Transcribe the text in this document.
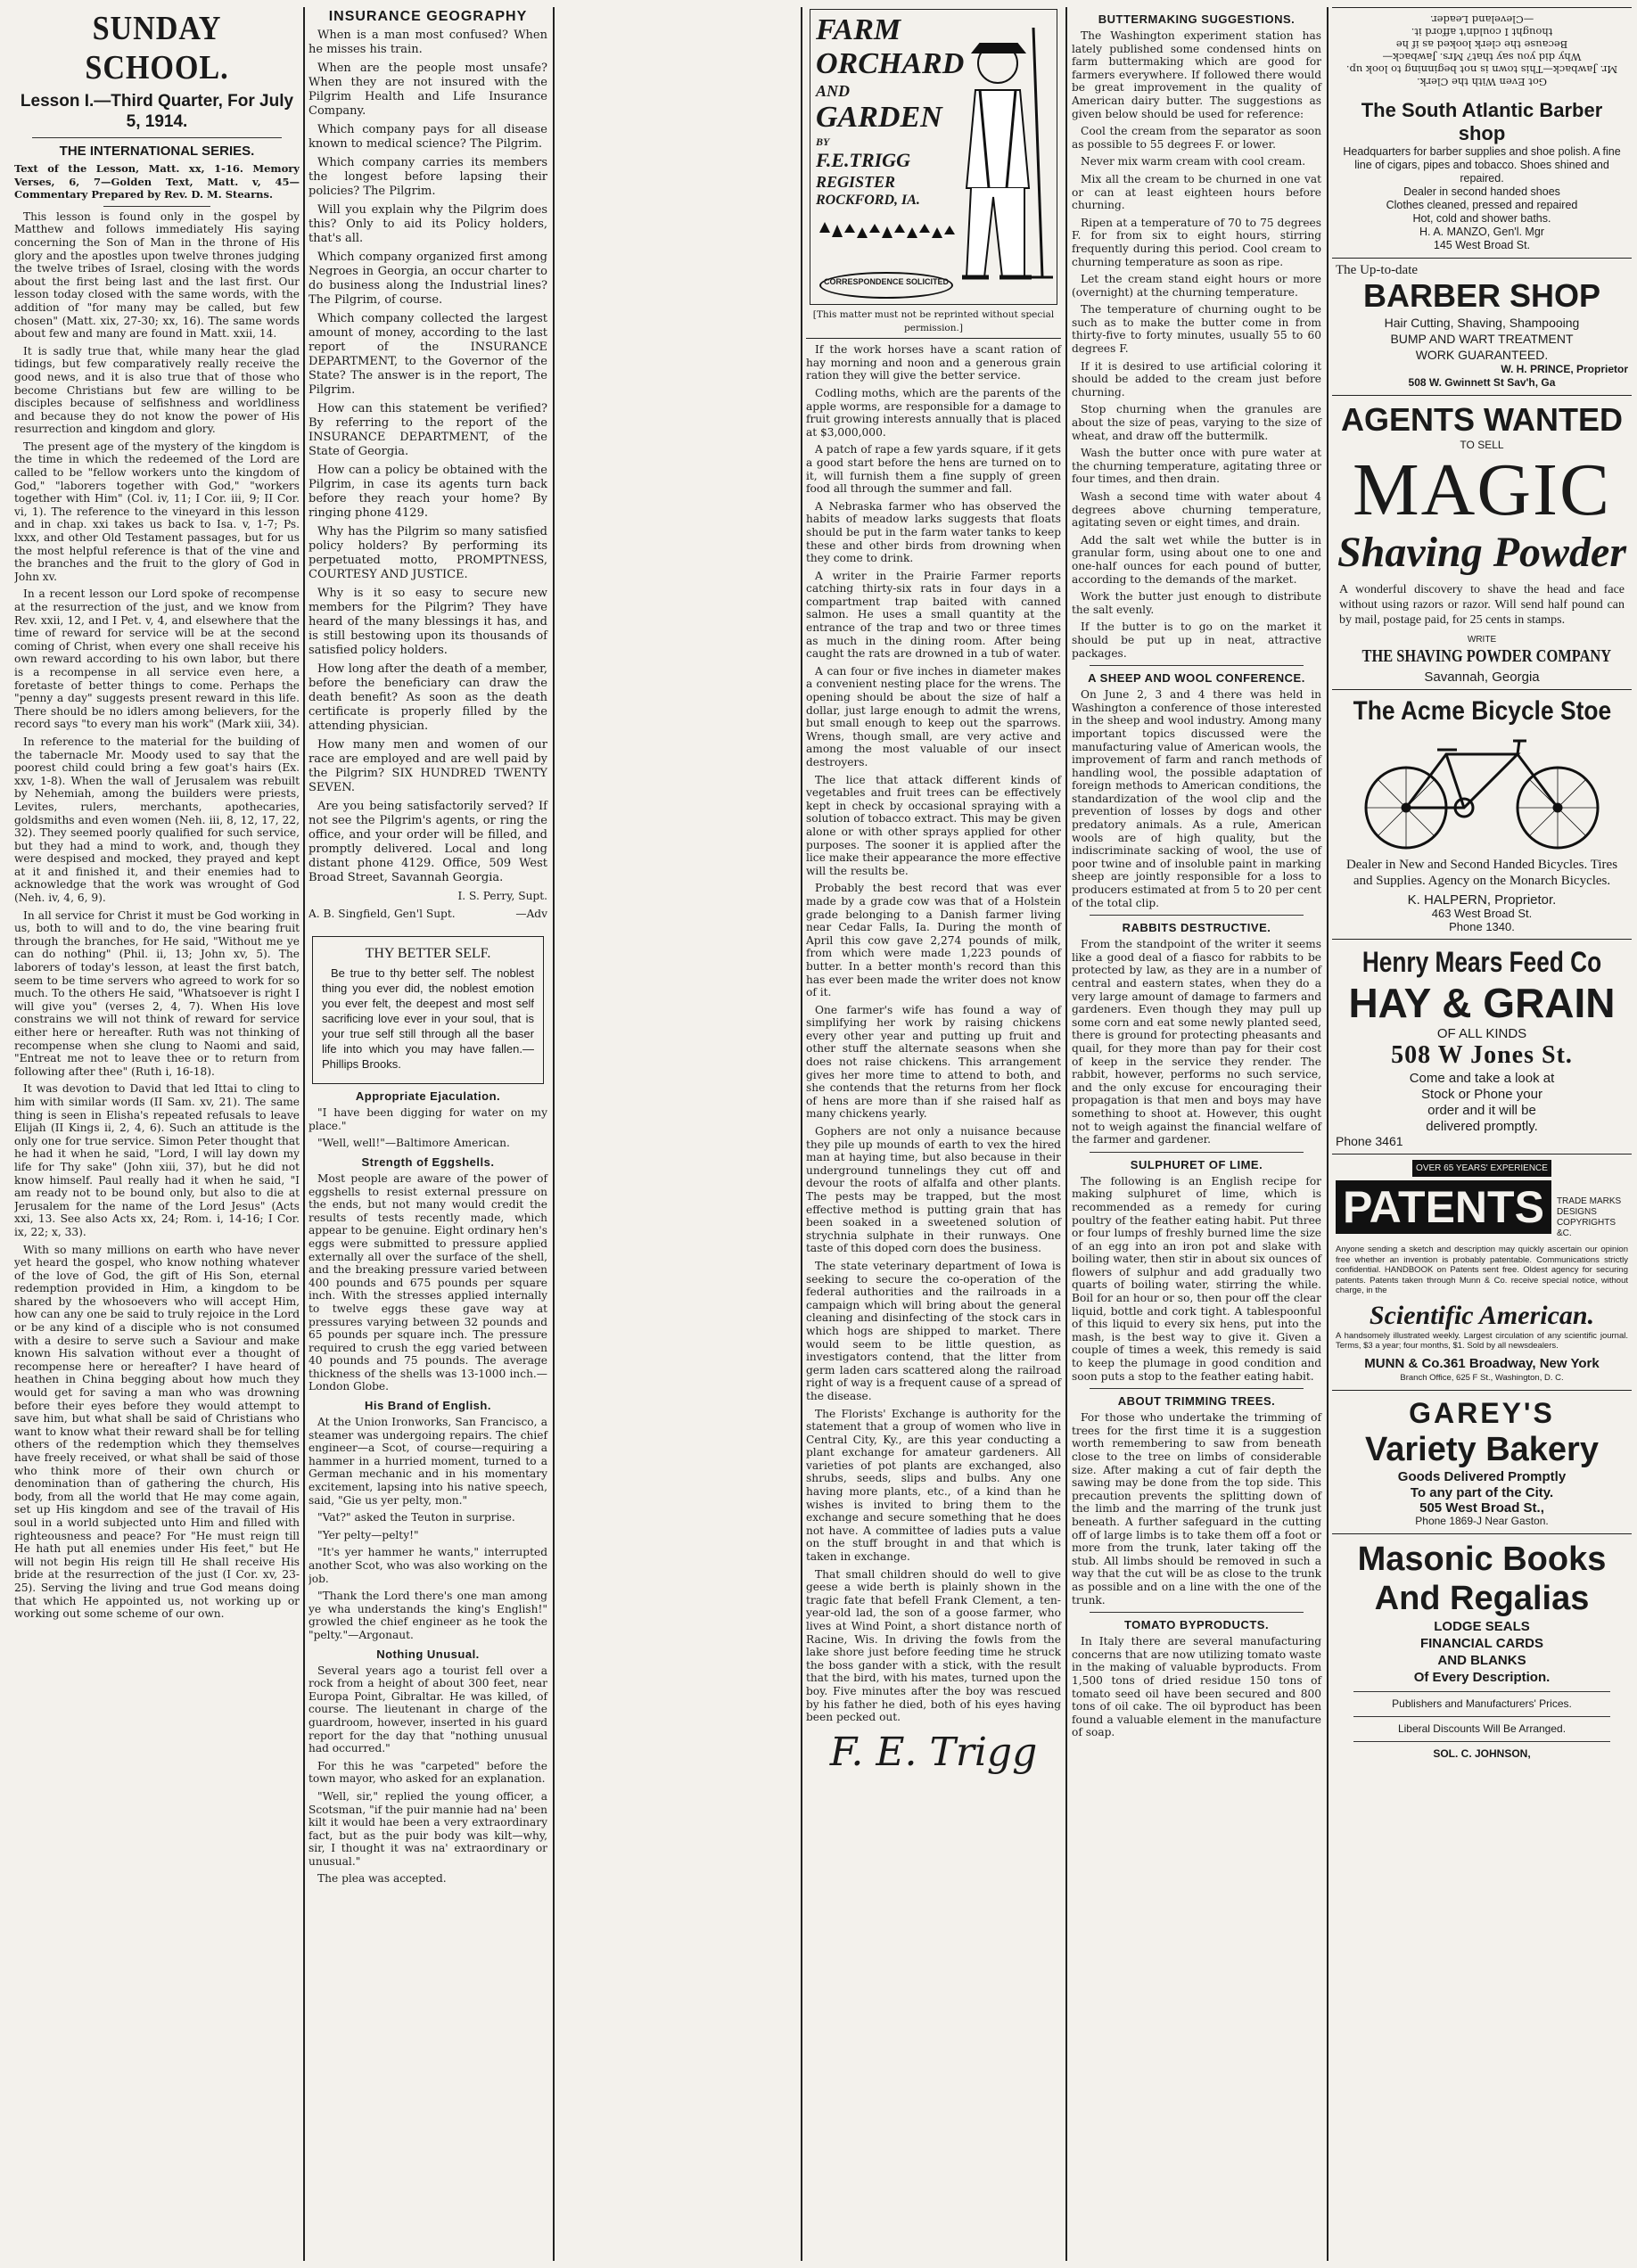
SUNDAY SCHOOL.
Lesson I.—Third Quarter, For July 5, 1914.
THE INTERNATIONAL SERIES.

Text of the Lesson, Matt. xx, 1-16. Memory Verses, 6, 7—Golden Text, Matt. v, 45—Commentary Prepared by Rev. D. M. Stearns.

This lesson is found only in the gospel by Matthew and follows immediately His saying concerning the Son of Man in the throne of His glory and the apostles upon twelve thrones judging the twelve tribes of Israel, closing with the words about the first being last and the last first. Our lesson today closed with the same words, with the addition of "for many may be called, but few chosen" (Matt. xix, 27-30; xx, 16). The same words about few and many are found in Matt. xxii, 14.

It is sadly true that, while many hear the glad tidings, but few comparatively really receive the good news, and it is also true that of those who become Christians but few are willing to be disciples because of selfishness and worldliness and because they do not know the power of His resurrection and kingdom and glory.

The present age of the mystery of the kingdom is the time in which the redeemed of the Lord are called to be "fellow workers unto the kingdom of God," "laborers together with God," "workers together with Him" (Col. iv, 11; I Cor. iii, 9; II Cor. vi, 1). The reference to the vineyard in this lesson and in chap. xxi takes us back to Isa. v, 1-7; Ps. lxxx, and other Old Testament passages, but for us the most helpful reference is that of the vine and the branches and the fruit to the glory of God in John xv.

In a recent lesson our Lord spoke of recompense at the resurrection of the just, and we know from Rev. xxii, 12, and I Pet. v, 4, and elsewhere that the time of reward for service will be at the second coming of Christ, when every one shall receive his own reward according to his own labor, but there is a recompense in all service even here, a foretaste of better things to come. Perhaps the "penny a day" suggests present reward in this life. There should be no idlers among believers, for the record says "to every man his work" (Mark xiii, 34).

In reference to the material for the building of the tabernacle Mr. Moody used to say that the poorest child could bring a few goat's hairs (Ex. xxv, 1-8). When the wall of Jerusalem was rebuilt by Nehemiah, among the builders were priests, Levites, rulers, merchants, apothecaries, goldsmiths and even women (Neh. iii, 8, 12, 17, 22, 32). They seemed poorly qualified for such service, but they had a mind to work, and, though they were despised and mocked, they prayed and kept at it and finished it, and their enemies had to acknowledge that the work was wrought of God (Neh. iv, 4, 6, 9).

In all service for Christ it must be God working in us, both to will and to do, the vine bearing fruit through the branches, for He said, "Without me ye can do nothing" (Phil. ii, 13; John xv, 5). The laborers of today's lesson, at least the first batch, seem to be time servers who agreed to work for so much. To the others He said, "Whatsoever is right I will give you" (verses 2, 4, 7). When His love constrains we will not think of reward for service either here or hereafter. Ruth was not thinking of recompense when she clung to Naomi and said, "Entreat me not to leave thee or to return from following after thee" (Ruth i, 16-18).

It was devotion to David that led Ittai to cling to him with similar words (II Sam. xv, 21). The same thing is seen in Elisha's repeated refusals to leave Elijah (II Kings ii, 2, 4, 6). Such an attitude is the only one for true service. Simon Peter thought that he had it when he said, "Lord, I will lay down my life for Thy sake" (John xiii, 37), but he did not know himself. Paul really had it when he said, "I am ready not to be bound only, but also to die at Jerusalem for the name of the Lord Jesus" (Acts xxi, 13. See also Acts xx, 24; Rom. i, 14-16; I Cor. ix, 22; x, 33).

With so many millions on earth who have never yet heard the gospel, who know nothing whatever of the love of God, the gift of His Son, eternal redemption provided in Him, a kingdom to be shared by the whosoevers who will accept Him, how can any one be said to truly rejoice in the Lord or be any kind of a disciple who is not consumed with a desire to serve such a Saviour and make known His salvation without ever a thought of recompense here or hereafter? I have heard of heathen in China begging about how much they would get for saving a man who was drowning before their eyes before they would attempt to save him, but what shall be said of Christians who want to know what their reward shall be for telling others of the redemption which they themselves have freely received, or what shall be said of those who think more of their own church or denomination than of gathering the church, His body, from all the world that He may come again, set up His kingdom and see of the travail of His soul in a world subjected unto Him and filled with righteousness and peace? For "He must reign till He hath put all enemies under His feet," but He will not begin His reign till He shall receive His bride at the resurrection of the just (I Cor. xv, 23-25). Serving the living and true God means doing that which He appointed us, not working up or working out some scheme of our own.

INSURANCE GEOGRAPHY

When is a man most confused? When he misses his train.

When are the people most unsafe? When they are not insured with the Pilgrim Health and Life Insurance Company.

Which company pays for all disease known to medical science? The Pilgrim.

Which company carries its members the longest before lapsing their policies? The Pilgrim.

Will you explain why the Pilgrim does this? Only to aid its Policy holders, that's all.

Which company organized first among Negroes in Georgia, an occur charter to do business along the Industrial lines? The Pilgrim, of course.

Which company collected the largest amount of money, according to the last report of the INSURANCE DEPARTMENT, to the Governor of the State? The answer is in the report, The Pilgrim.

How can this statement be verified? By referring to the report of the INSURANCE DEPARTMENT, of the State of Georgia.

How can a policy be obtained with the Pilgrim, in case its agents turn back before they reach your home? By ringing phone 4129.

Why has the Pilgrim so many satisfied policy holders? By performing its perpetuated motto, PROMPTNESS, COURTESY AND JUSTICE.

Why is it so easy to secure new members for the Pilgrim? They have heard of the many blessings it has, and is still bestowing upon its thousands of satisfied policy holders.

How long after the death of a member, before the beneficiary can draw the death benefit? As soon as the death certificate is properly filled by the attending physician.

How many men and women of our race are employed and are well paid by the Pilgrim? SIX HUNDRED TWENTY SEVEN.

Are you being satisfactorily served? If not see the Pilgrim's agents, or ring the office, and your order will be filled, and promptly delivered. Local and long distant phone 4129. Office, 509 West Broad Street, Savannah Georgia.

I. S. Perry, Supt.

A. B. Singfield, Gen'l Supt.	—Adv

THY BETTER SELF.

Be true to thy better self. The noblest thing you ever did, the noblest emotion you ever felt, the deepest and most self sacrificing love ever in your soul, that is your true self still through all the baser life into which you may have fallen.—Phillips Brooks.

Appropriate Ejaculation.

"I have been digging for water on my place."

"Well, well!"—Baltimore American.

Strength of Eggshells.

Most people are aware of the power of eggshells to resist external pressure on the ends, but not many would credit the results of tests recently made, which appear to be genuine. Eight ordinary hen's eggs were submitted to pressure applied externally all over the surface of the shell, and the breaking pressure varied between 400 pounds and 675 pounds per square inch. With the stresses applied internally to twelve eggs these gave way at pressures varying between 32 pounds and 65 pounds per square inch. The pressure required to crush the egg varied between 40 pounds and 75 pounds. The average thickness of the shells was 13-1000 inch.—London Globe.

His Brand of English.

At the Union Ironworks, San Francisco, a steamer was undergoing repairs. The chief engineer—a Scot, of course—requiring a hammer in a hurried moment, turned to a German mechanic and in his momentary excitement, lapsing into his native speech, said, "Gie us yer pelty, mon."

"Vat?" asked the Teuton in surprise.

"Yer pelty—pelty!"

"It's yer hammer he wants," interrupted another Scot, who was also working on the job.

"Thank the Lord there's one man among ye wha understands the king's English!" growled the chief engineer as he took the "pelty."—Argonaut.

Nothing Unusual.

Several years ago a tourist fell over a rock from a height of about 300 feet, near Europa Point, Gibraltar. He was killed, of course. The lieutenant in charge of the guardroom, however, inserted in his guard report for the day that "nothing unusual had occurred."

For this he was "carpeted" before the town mayor, who asked for an explanation.

"Well, sir," replied the young officer, a Scotsman, "if the puir mannie had na' been kilt it would hae been a very extraordinary fact, but as the puir body was kilt—why, sir, I thought it was na' extraordinary or unusual."

The plea was accepted.

FARM
ORCHARD
AND
GARDEN
BY
F.E.TRIGG
REGISTER
ROCKFORD, IA.
CORRESPONDENCE SOLICITED

[This matter must not be reprinted without special permission.]

If the work horses have a scant ration of hay morning and noon and a generous grain ration they will give the better service.

Codling moths, which are the parents of the apple worms, are responsible for a damage to fruit growing interests annually that is placed at $3,000,000.

A patch of rape a few yards square, if it gets a good start before the hens are turned on to it, will furnish them a fine supply of green food all through the summer and fall.

A Nebraska farmer who has observed the habits of meadow larks suggests that floats should be put in the farm water tanks to keep these and other birds from drowning when they come to drink.

A writer in the Prairie Farmer reports catching thirty-six rats in four days in a compartment trap baited with canned salmon. He uses a small quantity at the entrance of the trap and two or three times as much in the dining room. After being caught the rats are drowned in a tub of water.

A can four or five inches in diameter makes a convenient nesting place for the wrens. The opening should be about the size of half a dollar, just large enough to admit the wrens, but small enough to keep out the sparrows. Wrens, though small, are very active and among the most valuable of our insect destroyers.

The lice that attack different kinds of vegetables and fruit trees can be effectively kept in check by occasional spraying with a solution of tobacco extract. This may be given alone or with other sprays applied for other purposes. The sooner it is applied after the lice make their appearance the more effective will the results be.

Probably the best record that was ever made by a grade cow was that of a Holstein grade belonging to a Danish farmer living near Cedar Falls, Ia. During the month of April this cow gave 2,274 pounds of milk, from which were made 1,223 pounds of butter. In a better month's record than this has ever been made the writer does not know of it.

One farmer's wife has found a way of simplifying her work by raising chickens every other year and putting up fruit and other stuff the alternate seasons when she does not raise chickens. This arrangement gives her more time to attend to both, and she contends that the returns from her flock of hens are more than if she raised half as many chickens yearly.

Gophers are not only a nuisance because they pile up mounds of earth to vex the hired man at haying time, but also because in their underground tunnelings they cut off and devour the roots of alfalfa and other plants. The pests may be trapped, but the most effective method is putting grain that has been soaked in a sweetened solution of strychnia sulphate in their runways. One taste of this doped corn does the business.

The state veterinary department of Iowa is seeking to secure the co-operation of the federal authorities and the railroads in a campaign which will bring about the general cleaning and disinfecting of the stock cars in which hogs are shipped to market. There would seem to be little question, as investigators contend, that the litter from germ laden cars scattered along the railroad right of way is a frequent cause of a spread of the disease.

The Florists' Exchange is authority for the statement that a group of women who live in Central City, Ky., are this year conducting a plant exchange for amateur gardeners. All varieties of pot plants are exchanged, also shrubs, seeds, slips and bulbs. Any one having more plants, etc., of a kind than he wishes is invited to bring them to the exchange and secure something that he does not have. A committee of ladies puts a value on the stuff brought in and that which is taken in exchange.

That small children should do well to give geese a wide berth is plainly shown in the tragic fate that befell Frank Clement, a ten-year-old lad, the son of a goose farmer, who lives at Wind Point, a short distance north of Racine, Wis. In driving the fowls from the lake shore just before feeding time he struck the boss gander with a stick, with the result that the bird, with his mates, turned upon the boy. Five minutes after the boy was rescued by his father he died, both of his eyes having been pecked out.

F. E. Trigg
BUTTERMAKING SUGGESTIONS.

The Washington experiment station has lately published some condensed hints on farm buttermaking which are good for farmers everywhere. If followed there would be great improvement in the quality of American dairy butter. The suggestions as given below should be used for reference:

Cool the cream from the separator as soon as possible to 55 degrees F. or lower.

Never mix warm cream with cool cream.

Mix all the cream to be churned in one vat or can at least eighteen hours before churning.

Ripen at a temperature of 70 to 75 degrees F. for from six to eight hours, stirring frequently during this period. Cool cream to churning temperature as soon as ripe.

Let the cream stand eight hours or more (overnight) at the churning temperature.

The temperature of churning ought to be such as to make the butter come in from thirty-five to forty minutes, usually 55 to 60 degrees F.

If it is desired to use artificial coloring it should be added to the cream just before churning.

Stop churning when the granules are about the size of peas, varying to the size of wheat, and draw off the buttermilk.

Wash the butter once with pure water at the churning temperature, agitating three or four times, and then drain.

Wash a second time with water about 4 degrees above churning temperature, agitating seven or eight times, and drain.

Add the salt wet while the butter is in granular form, using about one to one and one-half ounces for each pound of butter, according to the demands of the market.

Work the butter just enough to distribute the salt evenly.

If the butter is to go on the market it should be put up in neat, attractive packages.

A SHEEP AND WOOL CONFERENCE.

On June 2, 3 and 4 there was held in Washington a conference of those interested in the sheep and wool industry. Among many important topics discussed were the manufacturing value of American wools, the improvement of farm and ranch methods of handling wool, the possible adaptation of foreign methods to American conditions, the standardization of the wool clip and the prevention of losses by dogs and other predatory animals. As a rule, American wools are of high quality, but the indiscriminate sacking of wool, the use of poor twine and of insoluble paint in marking sheep are jointly responsible for a loss to producers estimated at from 5 to 20 per cent of the total clip.

RABBITS DESTRUCTIVE.

From the standpoint of the writer it seems like a good deal of a fiasco for rabbits to be protected by law, as they are in a number of central and eastern states, when they do a very large amount of damage to farmers and gardeners. Even though they may pull up some corn and eat some newly planted seed, there is ground for protecting pheasants and quail, for they more than pay for their cost of keep in the service they render. The rabbit, however, performs no such service, and the only excuse for encouraging their propagation is that men and boys may have something to shoot at. However, this ought not to weigh against the financial welfare of the farmer and gardener.

SULPHURET OF LIME.

The following is an English recipe for making sulphuret of lime, which is recommended as a remedy for curing poultry of the feather eating habit. Put three or four lumps of freshly burned lime the size of an egg into an iron pot and slake with boiling water, then stir in about six ounces of flowers of sulphur and add gradually two quarts of boiling water, stirring the while. Boil for an hour or so, then pour off the clear liquid, bottle and cork tight. A tablespoonful of this liquid to every six hens, put into the mash, is the best way to give it. Given a couple of times a week, this remedy is said to keep the plumage in good condition and soon puts a stop to the feather eating habit.

ABOUT TRIMMING TREES.

For those who undertake the trimming of trees for the first time it is a suggestion worth remembering to saw from beneath close to the tree on limbs of considerable size. After making a cut of fair depth the sawing may be done from the top side. This precaution prevents the splitting down of the limb and the marring of the trunk just beneath. A further safeguard in the cutting off of large limbs is to take them off a foot or more from the trunk, later taking off the stub. All limbs should be removed in such a way that the cut will be as close to the trunk as possible and on a line with the one of the trunk.

TOMATO BYPRODUCTS.

In Italy there are several manufacturing concerns that are now utilizing tomato waste in the making of valuable byproducts. From 1,500 tons of dried residue 150 tons of tomato seed oil have been secured and 800 tons of oil cake. The oil byproduct has been found a valuable element in the manufacture of soap.

Got Even With the Clerk.
Mr. Jawback—This town is not beginning to look up.
Why did you say that? Mrs. Jawback—
Because the clerk looked as if he
thought I couldn't afford it.
—Cleveland Leader.
The South Atlantic Barber shop
Headquarters for barber supplies and shoe polish. A fine line of cigars, pipes and tobacco. Shoes shined and repaired.
Dealer in second handed shoes
Clothes cleaned, pressed and repaired
Hot, cold and shower baths.
H. A. MANZO, Gen'l. Mgr
145 West Broad St.
The Up-to-date
BARBER SHOP
Hair Cutting, Shaving, Shampooing
BUMP AND WART TREATMENT
WORK GUARANTEED.
W. H. PRINCE, Proprietor
508 W. Gwinnett St Sav'h, Ga
AGENTS WANTED
TO SELL
MAGIC
Shaving Powder

A wonderful discovery to shave the head and face without using razors or razor. Will send half pound can by mail, postage paid, for 25 cents in stamps.

WRITE
THE SHAVING POWDER COMPANY
Savannah, Georgia
The Acme Bicycle Stoe

Dealer in New and Second Handed Bicycles. Tires and Supplies. Agency on the Monarch Bicycles.

K. HALPERN, Proprietor.
463 West Broad St.
Phone 1340.
Henry Mears Feed Co
HAY & GRAIN
OF ALL KINDS
508 W Jones St.
Come and take a look at
Stock or Phone your
order and it will be
delivered promptly.
Phone 3461
OVER 65 YEARS' EXPERIENCE
PATENTS	TRADE MARKS
DESIGNS
COPYRIGHTS &C.

Anyone sending a sketch and description may quickly ascertain our opinion free whether an invention is probably patentable. Communications strictly confidential. HANDBOOK on Patents sent free. Oldest agency for securing patents. Patents taken through Munn & Co. receive special notice, without charge, in the

Scientific American.

A handsomely illustrated weekly. Largest circulation of any scientific journal. Terms, $3 a year; four months, $1. Sold by all newsdealers.

MUNN & Co.361 Broadway, New York
Branch Office, 625 F St., Washington, D. C.
GAREY'S
Variety Bakery
Goods Delivered Promptly
To any part of the City.
505 West Broad St.,
Phone 1869-J Near Gaston.
Masonic Books
And Regalias
LODGE SEALS
FINANCIAL CARDS
AND BLANKS
Of Every Description.
Publishers and Manufacturers' Prices.
Liberal Discounts Will Be Arranged.
SOL. C. JOHNSON,
